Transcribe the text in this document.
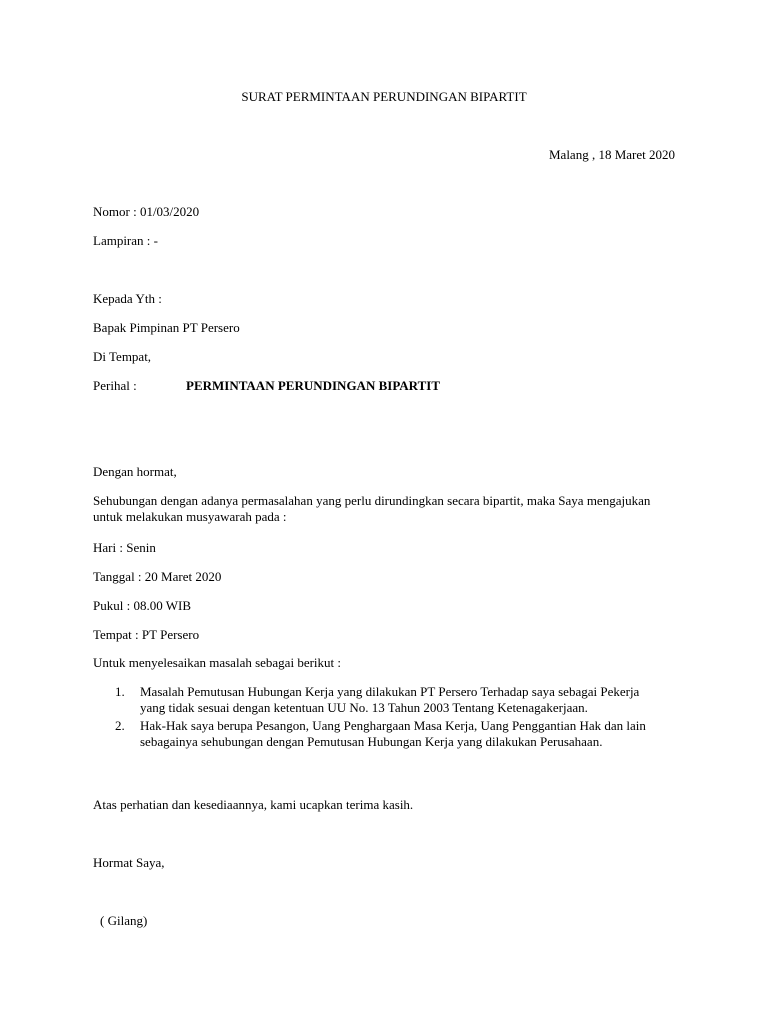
SURAT PERMINTAAN PERUNDINGAN BIPARTIT
Malang , 18 Maret 2020
Nomor : 01/03/2020
Lampiran : -
Kepada Yth :
Bapak Pimpinan PT Persero
Di Tempat,
Perihal :	PERMINTAAN PERUNDINGAN BIPARTIT
Dengan hormat,
Sehubungan dengan adanya permasalahan yang perlu dirundingkan secara bipartit, maka Saya mengajukan untuk melakukan musyawarah pada :
Hari : Senin
Tanggal : 20 Maret 2020
Pukul : 08.00 WIB
Tempat : PT Persero
Untuk menyelesaikan masalah sebagai berikut :
1. Masalah Pemutusan Hubungan Kerja yang dilakukan PT Persero Terhadap saya sebagai Pekerja yang tidak sesuai dengan ketentuan UU No. 13 Tahun 2003 Tentang Ketenagakerjaan.
2. Hak-Hak saya berupa Pesangon, Uang Penghargaan Masa Kerja, Uang Penggantian Hak dan lain sebagainya sehubungan dengan Pemutusan Hubungan Kerja yang dilakukan Perusahaan.
Atas perhatian dan kesediaannya, kami ucapkan terima kasih.
Hormat Saya,
( Gilang)
